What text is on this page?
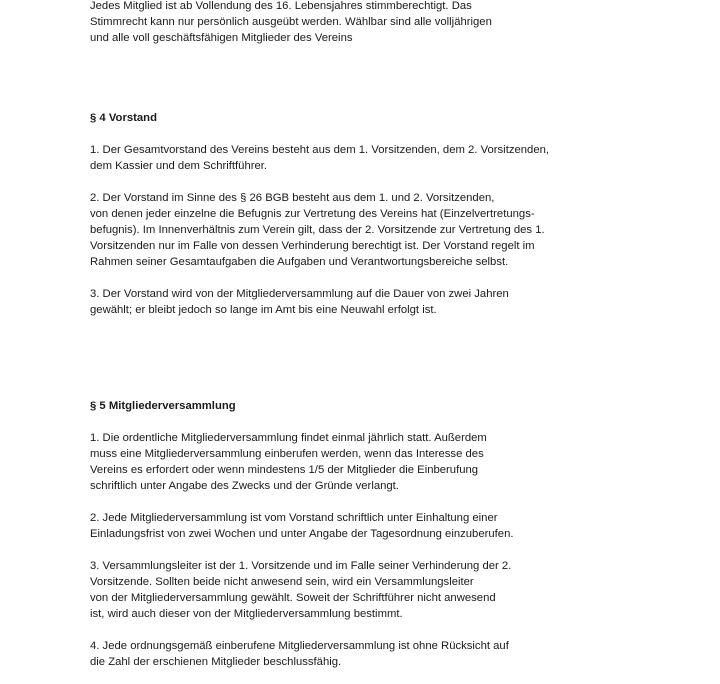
Jedes Mitglied ist ab Vollendung des 16. Lebensjahres stimmberechtigt. Das
Stimmrecht kann nur persönlich ausgeübt werden. Wählbar sind alle volljährigen
und alle voll geschäftsfähigen Mitglieder des Vereins
§ 4 Vorstand
1. Der Gesamtvorstand des Vereins besteht aus dem 1. Vorsitzenden, dem 2. Vorsitzenden,
dem Kassier und dem Schriftführer.
2. Der Vorstand im Sinne des § 26 BGB besteht aus dem 1. und 2. Vorsitzenden,
von denen jeder einzelne die Befugnis zur Vertretung des Vereins hat (Einzelvertretungs-
befugnis). Im Innenverhältnis zum Verein gilt, dass der 2. Vorsitzende zur Vertretung des 1.
Vorsitzenden nur im Falle von dessen Verhinderung berechtigt ist. Der Vorstand regelt im
Rahmen seiner Gesamtaufgaben die Aufgaben und Verantwortungsbereiche selbst.
3. Der Vorstand wird von der Mitgliederversammlung auf die Dauer von zwei Jahren
gewählt; er bleibt jedoch so lange im Amt bis eine Neuwahl erfolgt ist.
§ 5 Mitgliederversammlung
1. Die ordentliche Mitgliederversammlung findet einmal jährlich statt. Außerdem
muss eine Mitgliederversammlung einberufen werden, wenn das Interesse des
Vereins es erfordert oder wenn mindestens 1/5 der Mitglieder die Einberufung
schriftlich unter Angabe des Zwecks und der Gründe verlangt.
2. Jede Mitgliederversammlung ist vom Vorstand schriftlich unter Einhaltung einer
Einladungsfrist von zwei Wochen und unter Angabe der Tagesordnung einzuberufen.
3. Versammlungsleiter ist der 1. Vorsitzende und im Falle seiner Verhinderung der 2.
Vorsitzende. Sollten beide nicht anwesend sein, wird ein Versammlungsleiter
von der Mitgliederversammlung gewählt. Soweit der Schriftführer nicht anwesend
ist, wird auch dieser von der Mitgliederversammlung bestimmt.
4. Jede ordnungsgemäß einberufene Mitgliederversammlung ist ohne Rücksicht auf
die Zahl der erschienen Mitglieder beschlussfähig.
